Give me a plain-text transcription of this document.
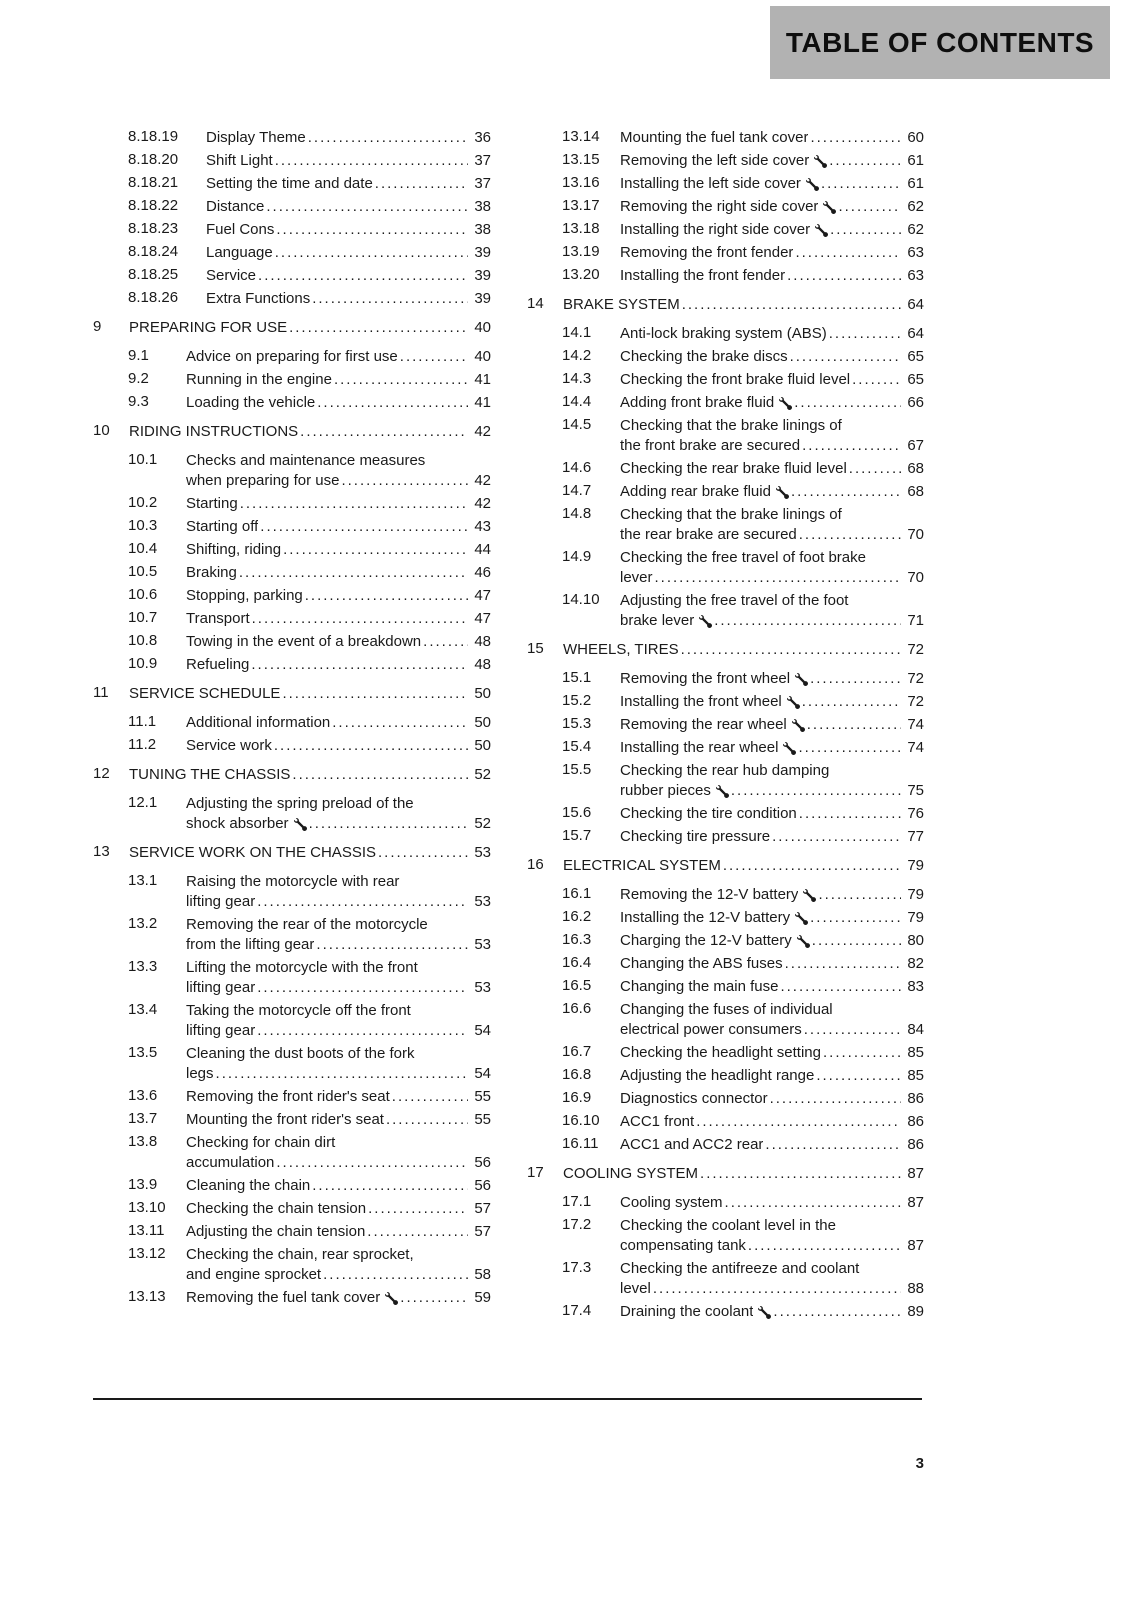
TABLE OF CONTENTS
8.18.19	Display Theme .....	36
8.18.20	Shift Light .....	37
8.18.21	Setting the time and date .....	37
8.18.22	Distance .....	38
8.18.23	Fuel Cons .....	38
8.18.24	Language .....	39
8.18.25	Service .....	39
8.18.26	Extra Functions .....	39
9	PREPARING FOR USE .....	40
9.1	Advice on preparing for first use .....	40
9.2	Running in the engine .....	41
9.3	Loading the vehicle .....	41
10	RIDING INSTRUCTIONS .....	42
10.1	Checks and maintenance measures
when preparing for use .....	42
10.2	Starting .....	42
10.3	Starting off .....	43
10.4	Shifting, riding .....	44
10.5	Braking .....	46
10.6	Stopping, parking .....	47
10.7	Transport .....	47
10.8	Towing in the event of a breakdown .....	48
10.9	Refueling .....	48
11	SERVICE SCHEDULE .....	50
11.1	Additional information .....	50
11.2	Service work .....	50
12	TUNING THE CHASSIS .....	52
12.1	Adjusting the spring preload of the
shock absorber .....	52
13	SERVICE WORK ON THE CHASSIS .....	53
13.1	Raising the motorcycle with rear
lifting gear .....	53
13.2	Removing the rear of the motorcycle
from the lifting gear .....	53
13.3	Lifting the motorcycle with the front
lifting gear .....	53
13.4	Taking the motorcycle off the front
lifting gear .....	54
13.5	Cleaning the dust boots of the fork
legs .....	54
13.6	Removing the front rider's seat .....	55
13.7	Mounting the front rider's seat .....	55
13.8	Checking for chain dirt
accumulation .....	56
13.9	Cleaning the chain .....	56
13.10	Checking the chain tension .....	57
13.11	Adjusting the chain tension .....	57
13.12	Checking the chain, rear sprocket,
and engine sprocket .....	58
13.13	Removing the fuel tank cover .....	59
13.14	Mounting the fuel tank cover .....	60
13.15	Removing the left side cover .....	61
13.16	Installing the left side cover .....	61
13.17	Removing the right side cover .....	62
13.18	Installing the right side cover .....	62
13.19	Removing the front fender .....	63
13.20	Installing the front fender .....	63
14	BRAKE SYSTEM .....	64
14.1	Anti-lock braking system (ABS) .....	64
14.2	Checking the brake discs .....	65
14.3	Checking the front brake fluid level .....	65
14.4	Adding front brake fluid .....	66
14.5	Checking that the brake linings of
the front brake are secured .....	67
14.6	Checking the rear brake fluid level .....	68
14.7	Adding rear brake fluid .....	68
14.8	Checking that the brake linings of
the rear brake are secured .....	70
14.9	Checking the free travel of foot brake
lever .....	70
14.10	Adjusting the free travel of the foot
brake lever .....	71
15	WHEELS, TIRES .....	72
15.1	Removing the front wheel .....	72
15.2	Installing the front wheel .....	72
15.3	Removing the rear wheel .....	74
15.4	Installing the rear wheel .....	74
15.5	Checking the rear hub damping
rubber pieces .....	75
15.6	Checking the tire condition .....	76
15.7	Checking tire pressure .....	77
16	ELECTRICAL SYSTEM .....	79
16.1	Removing the 12-V battery .....	79
16.2	Installing the 12-V battery .....	79
16.3	Charging the 12-V battery .....	80
16.4	Changing the ABS fuses .....	82
16.5	Changing the main fuse .....	83
16.6	Changing the fuses of individual
electrical power consumers .....	84
16.7	Checking the headlight setting .....	85
16.8	Adjusting the headlight range .....	85
16.9	Diagnostics connector .....	86
16.10	ACC1 front .....	86
16.11	ACC1 and ACC2 rear .....	86
17	COOLING SYSTEM .....	87
17.1	Cooling system .....	87
17.2	Checking the coolant level in the
compensating tank .....	87
17.3	Checking the antifreeze and coolant
level .....	88
17.4	Draining the coolant .....	89
3
